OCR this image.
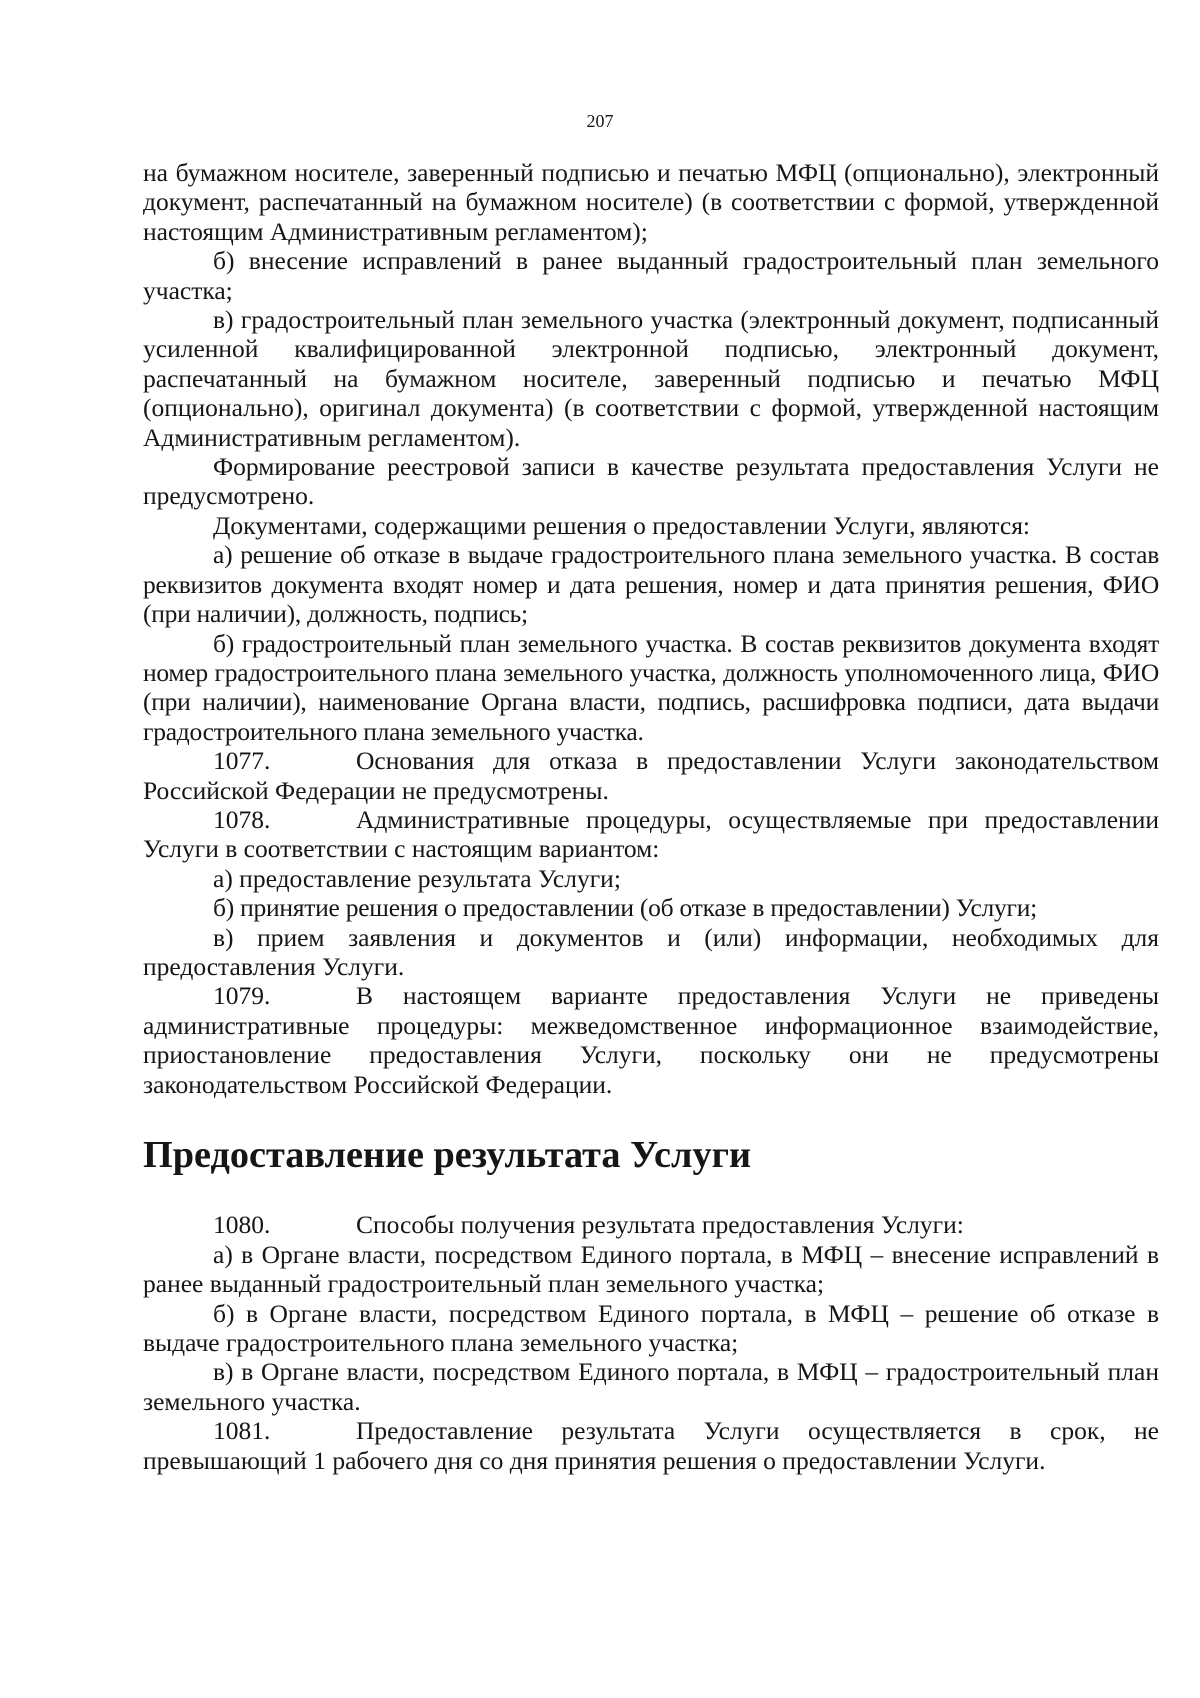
207

на бумажном носителе, заверенный подписью и печатью МФЦ (опционально), электронный документ, распечатанный на бумажном носителе) (в соответствии с формой, утвержденной настоящим Административным регламентом);

б) внесение исправлений в ранее выданный градостроительный план земельного участка;

в) градостроительный план земельного участка (электронный документ, подписанный усиленной квалифицированной электронной подписью, электронный документ, распечатанный на бумажном носителе, заверенный подписью и печатью МФЦ (опционально), оригинал документа) (в соответствии с формой, утвержденной настоящим Административным регламентом).

Формирование реестровой записи в качестве результата предоставления Услуги не предусмотрено.

Документами, содержащими решения о предоставлении Услуги, являются:

а) решение об отказе в выдаче градостроительного плана земельного участка. В состав реквизитов документа входят номер и дата решения, номер и дата принятия решения, ФИО (при наличии), должность, подпись;

б) градостроительный план земельного участка. В состав реквизитов документа входят номер градостроительного плана земельного участка, должность уполномоченного лица, ФИО (при наличии), наименование Органа власти, подпись, расшифровка подписи, дата выдачи градостроительного плана земельного участка.

1077.	Основания для отказа в предоставлении Услуги законодательством Российской Федерации не предусмотрены.

1078.	Административные процедуры, осуществляемые при предоставлении Услуги в соответствии с настоящим вариантом:

а) предоставление результата Услуги;

б) принятие решения о предоставлении (об отказе в предоставлении) Услуги;

в) прием заявления и документов и (или) информации, необходимых для предоставления Услуги.

1079.	В настоящем варианте предоставления Услуги не приведены административные процедуры: межведомственное информационное взаимодействие, приостановление предоставления Услуги, поскольку они не предусмотрены законодательством Российской Федерации.

Предоставление результата Услуги

1080.	Способы получения результата предоставления Услуги:

а) в Органе власти, посредством Единого портала, в МФЦ – внесение исправлений в ранее выданный градостроительный план земельного участка;

б) в Органе власти, посредством Единого портала, в МФЦ – решение об отказе в выдаче градостроительного плана земельного участка;

в) в Органе власти, посредством Единого портала, в МФЦ – градостроительный план земельного участка.

1081.	Предоставление результата Услуги осуществляется в срок, не превышающий 1 рабочего дня со дня принятия решения о предоставлении Услуги.
